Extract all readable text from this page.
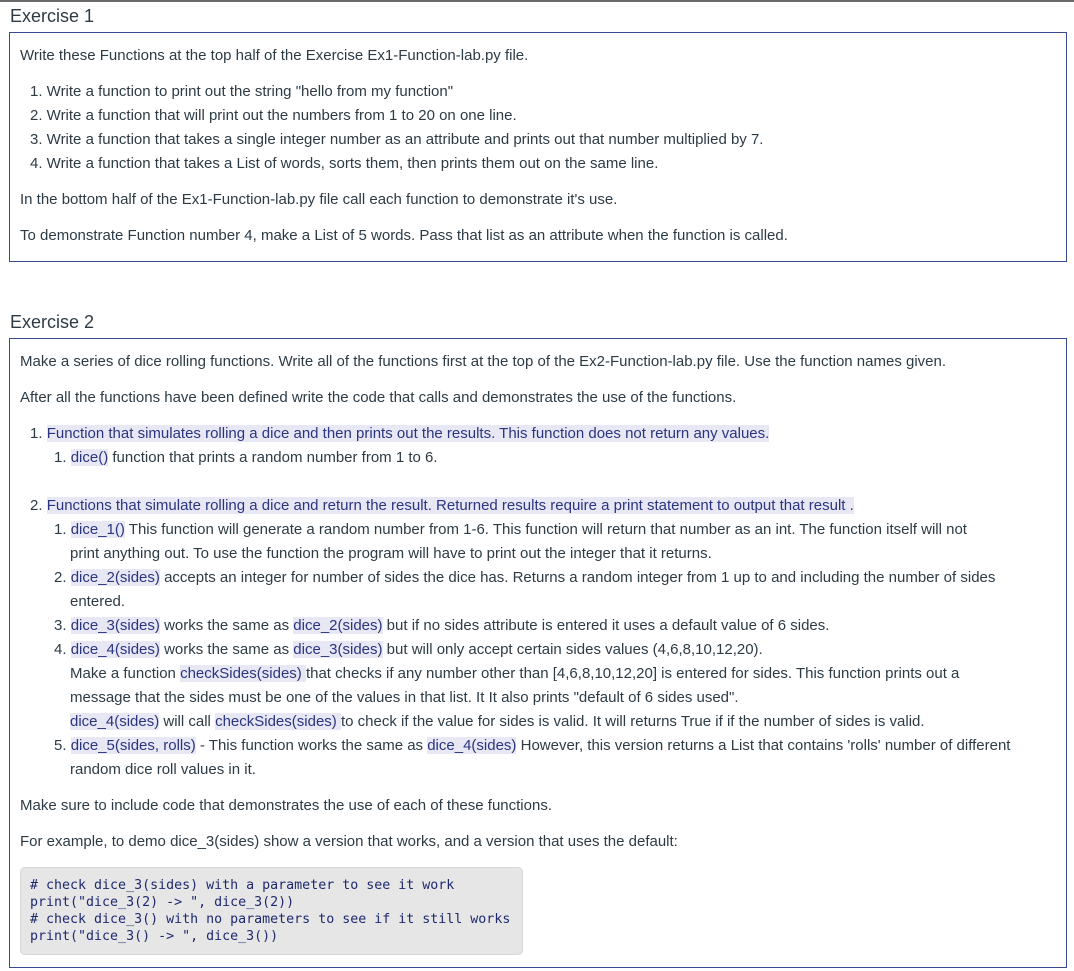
Exercise 1
Write these Functions at the top half of the Exercise Ex1-Function-lab.py file.
1. Write a function to print out the string "hello from my function"
2. Write a function that will print out the numbers from 1 to 20 on one line.
3. Write a function that takes a single integer number as an attribute and prints out that number multiplied by 7.
4. Write a function that takes a List of words, sorts them, then prints them out on the same line.
In the bottom half of the Ex1-Function-lab.py file call each function to demonstrate it's use.
To demonstrate Function number 4, make a List of 5 words. Pass that list as an attribute when the function is called.
Exercise 2
Make a series of dice rolling functions. Write all of the functions first at the top of the Ex2-Function-lab.py file. Use the function names given.
After all the functions have been defined write the code that calls and demonstrates the use of the functions.
1. Function that simulates rolling a dice and then prints out the results. This function does not return any values.
1. dice() function that prints a random number from 1 to 6.
2. Functions that simulate rolling a dice and return the result. Returned results require a print statement to output that result .
1. dice_1() This function will generate a random number from 1-6. This function will return that number as an int. The function itself will not
print anything out. To use the function the program will have to print out the integer that it returns.
2. dice_2(sides) accepts an integer for number of sides the dice has. Returns a random integer from 1 up to and including the number of sides
entered.
3. dice_3(sides) works the same as dice_2(sides) but if no sides attribute is entered it uses a default value of 6 sides.
4. dice_4(sides) works the same as dice_3(sides) but will only accept certain sides values (4,6,8,10,12,20).
Make a function checkSides(sides) that checks if any number other than [4,6,8,10,12,20] is entered for sides. This function prints out a
message that the sides must be one of the values in that list. It It also prints "default of 6 sides used".
dice_4(sides) will call checkSides(sides) to check if the value for sides is valid. It will returns True if if the number of sides is valid.
5. dice_5(sides, rolls) - This function works the same as dice_4(sides) However, this version returns a List that contains 'rolls' number of different
random dice roll values in it.
Make sure to include code that demonstrates the use of each of these functions.
For example, to demo dice_3(sides) show a version that works, and a version that uses the default:
# check dice_3(sides) with a parameter to see it work
print("dice_3(2) -> ", dice_3(2))
# check dice_3() with no parameters to see if it still works
print("dice_3() -> ", dice_3())
